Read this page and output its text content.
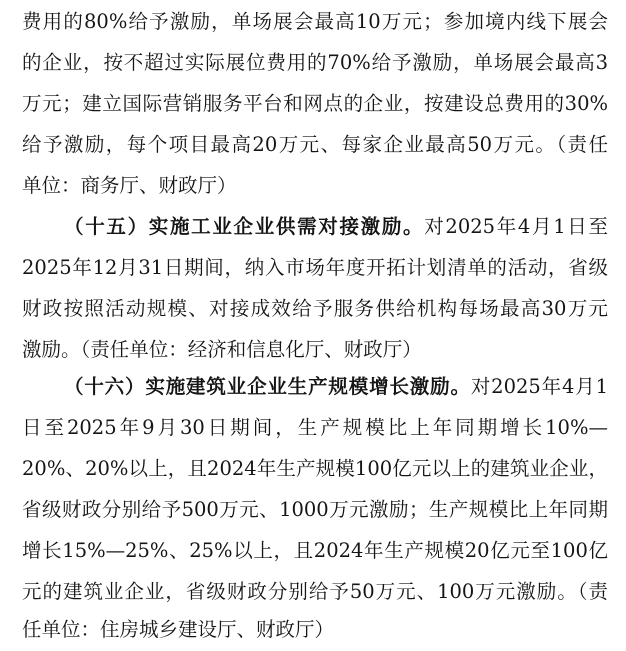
费用的80%给予激励，单场展会最高10万元；参加境内线下展会
的企业，按不超过实际展位费用的70%给予激励，单场展会最高3
万元；建立国际营销服务平台和网点的企业，按建设总费用的30%
给予激励，每个项目最高20万元、每家企业最高50万元。（责任
单位：商务厅、财政厅）
（十五）实施工业企业供需对接激励。对2025年4月1日至
2025年12月31日期间，纳入市场年度开拓计划清单的活动，省级
财政按照活动规模、对接成效给予服务供给机构每场最高30万元
激励。（责任单位：经济和信息化厅、财政厅）
（十六）实施建筑业企业生产规模增长激励。对2025年4月1
日至2025年9月30日期间，生产规模比上年同期增长10%—
20%、20%以上，且2024年生产规模100亿元以上的建筑业企业，
省级财政分别给予500万元、1000万元激励；生产规模比上年同期
增长15%—25%、25%以上，且2024年生产规模20亿元至100亿
元的建筑业企业，省级财政分别给予50万元、100万元激励。（责
任单位：住房城乡建设厅、财政厅）
